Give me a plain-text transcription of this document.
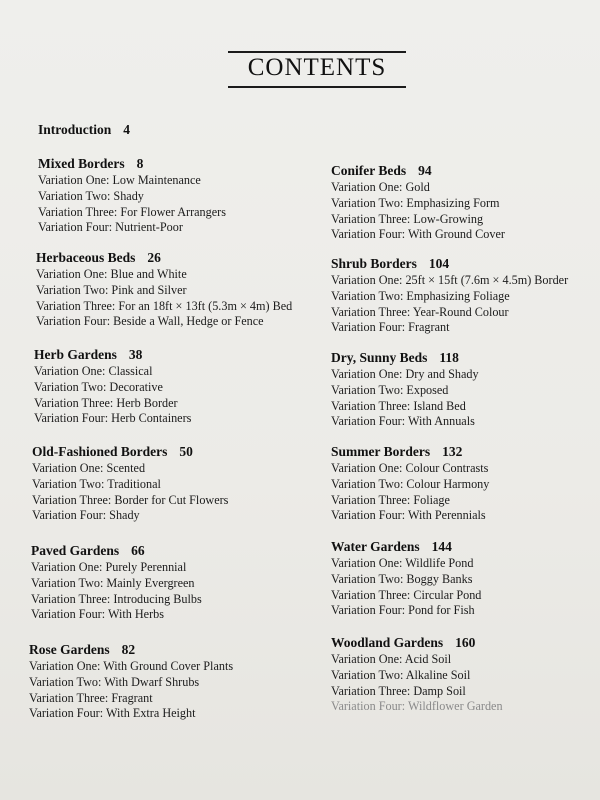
CONTENTS
Introduction 4
Mixed Borders 8
Variation One: Low Maintenance
Variation Two: Shady
Variation Three: For Flower Arrangers
Variation Four: Nutrient-Poor
Herbaceous Beds 26
Variation One: Blue and White
Variation Two: Pink and Silver
Variation Three: For an 18ft × 13ft (5.3m × 4m) Bed
Variation Four: Beside a Wall, Hedge or Fence
Herb Gardens 38
Variation One: Classical
Variation Two: Decorative
Variation Three: Herb Border
Variation Four: Herb Containers
Old-Fashioned Borders 50
Variation One: Scented
Variation Two: Traditional
Variation Three: Border for Cut Flowers
Variation Four: Shady
Paved Gardens 66
Variation One: Purely Perennial
Variation Two: Mainly Evergreen
Variation Three: Introducing Bulbs
Variation Four: With Herbs
Rose Gardens 82
Variation One: With Ground Cover Plants
Variation Two: With Dwarf Shrubs
Variation Three: Fragrant
Variation Four: With Extra Height
Conifer Beds 94
Variation One: Gold
Variation Two: Emphasizing Form
Variation Three: Low-Growing
Variation Four: With Ground Cover
Shrub Borders 104
Variation One: 25ft × 15ft (7.6m × 4.5m) Border
Variation Two: Emphasizing Foliage
Variation Three: Year-Round Colour
Variation Four: Fragrant
Dry, Sunny Beds 118
Variation One: Dry and Shady
Variation Two: Exposed
Variation Three: Island Bed
Variation Four: With Annuals
Summer Borders 132
Variation One: Colour Contrasts
Variation Two: Colour Harmony
Variation Three: Foliage
Variation Four: With Perennials
Water Gardens 144
Variation One: Wildlife Pond
Variation Two: Boggy Banks
Variation Three: Circular Pond
Variation Four: Pond for Fish
Woodland Gardens 160
Variation One: Acid Soil
Variation Two: Alkaline Soil
Variation Three: Damp Soil
Variation Four: Wildflower Garden
